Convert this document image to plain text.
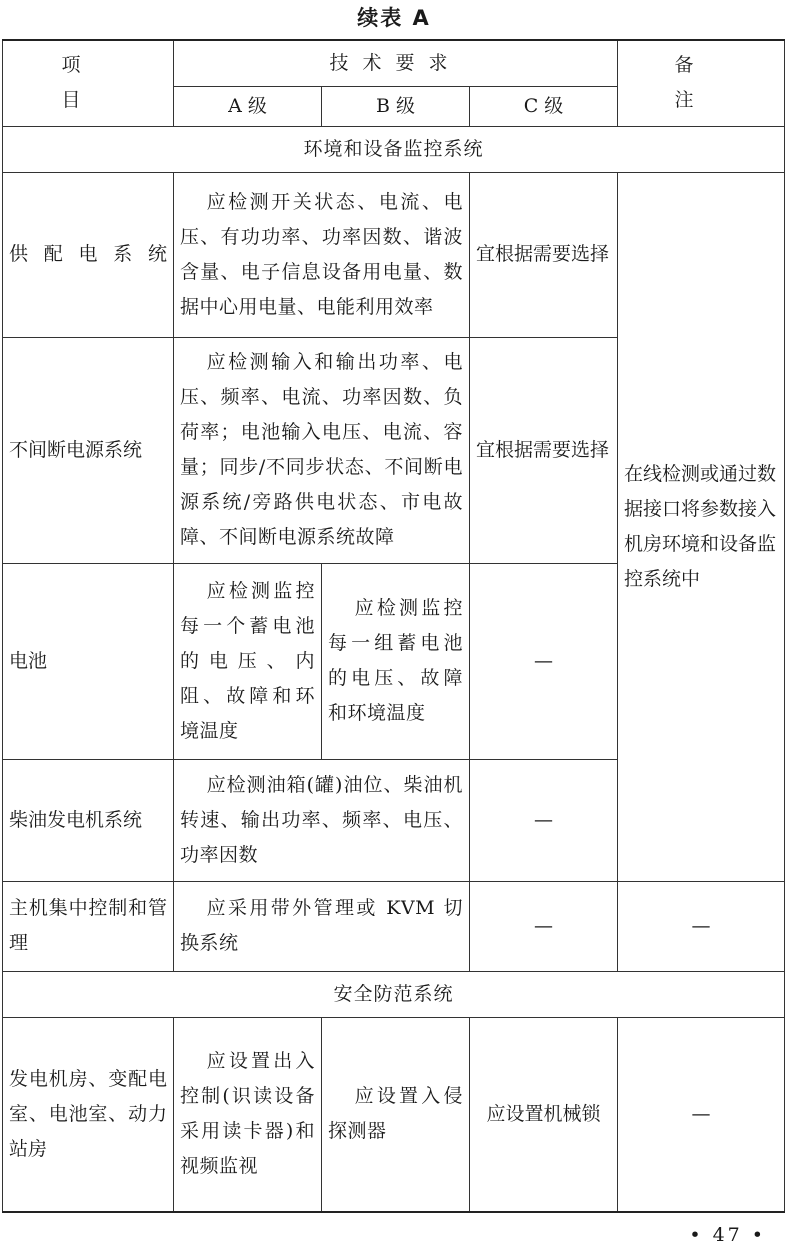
续表 A
项　目	技术要求			备　注
	A 级	B 级	C 级	
环境和设备监控系统				
供配电系统	应检测开关状态、电流、电压、有功功率、功率因数、谐波含量、电子信息设备用电量、数据中心用电量、电能利用效率		宜根据需要选择	在线检测或通过数据接口将参数接入机房环境和设备监控系统中
不间断电源系统	应检测输入和输出功率、电压、频率、电流、功率因数、负荷率；电池输入电压、电流、容量；同步/不同步状态、不间断电源系统/旁路供电状态、市电故障、不间断电源系统故障		宜根据需要选择	
电池	应检测监控每一个蓄电池的电压、内阻、故障和环境温度	应检测监控每一组蓄电池的电压、故障和环境温度	—	
柴油发电机系统	应检测油箱(罐)油位、柴油机转速、输出功率、频率、电压、功率因数		—	
主机集中控制和管理	应采用带外管理或 KVM 切换系统		—	—
安全防范系统				
发电机房、变配电室、电池室、动力站房	应设置出入控制(识读设备采用读卡器)和视频监视	应设置入侵探测器	应设置机械锁	—
• 47 •
